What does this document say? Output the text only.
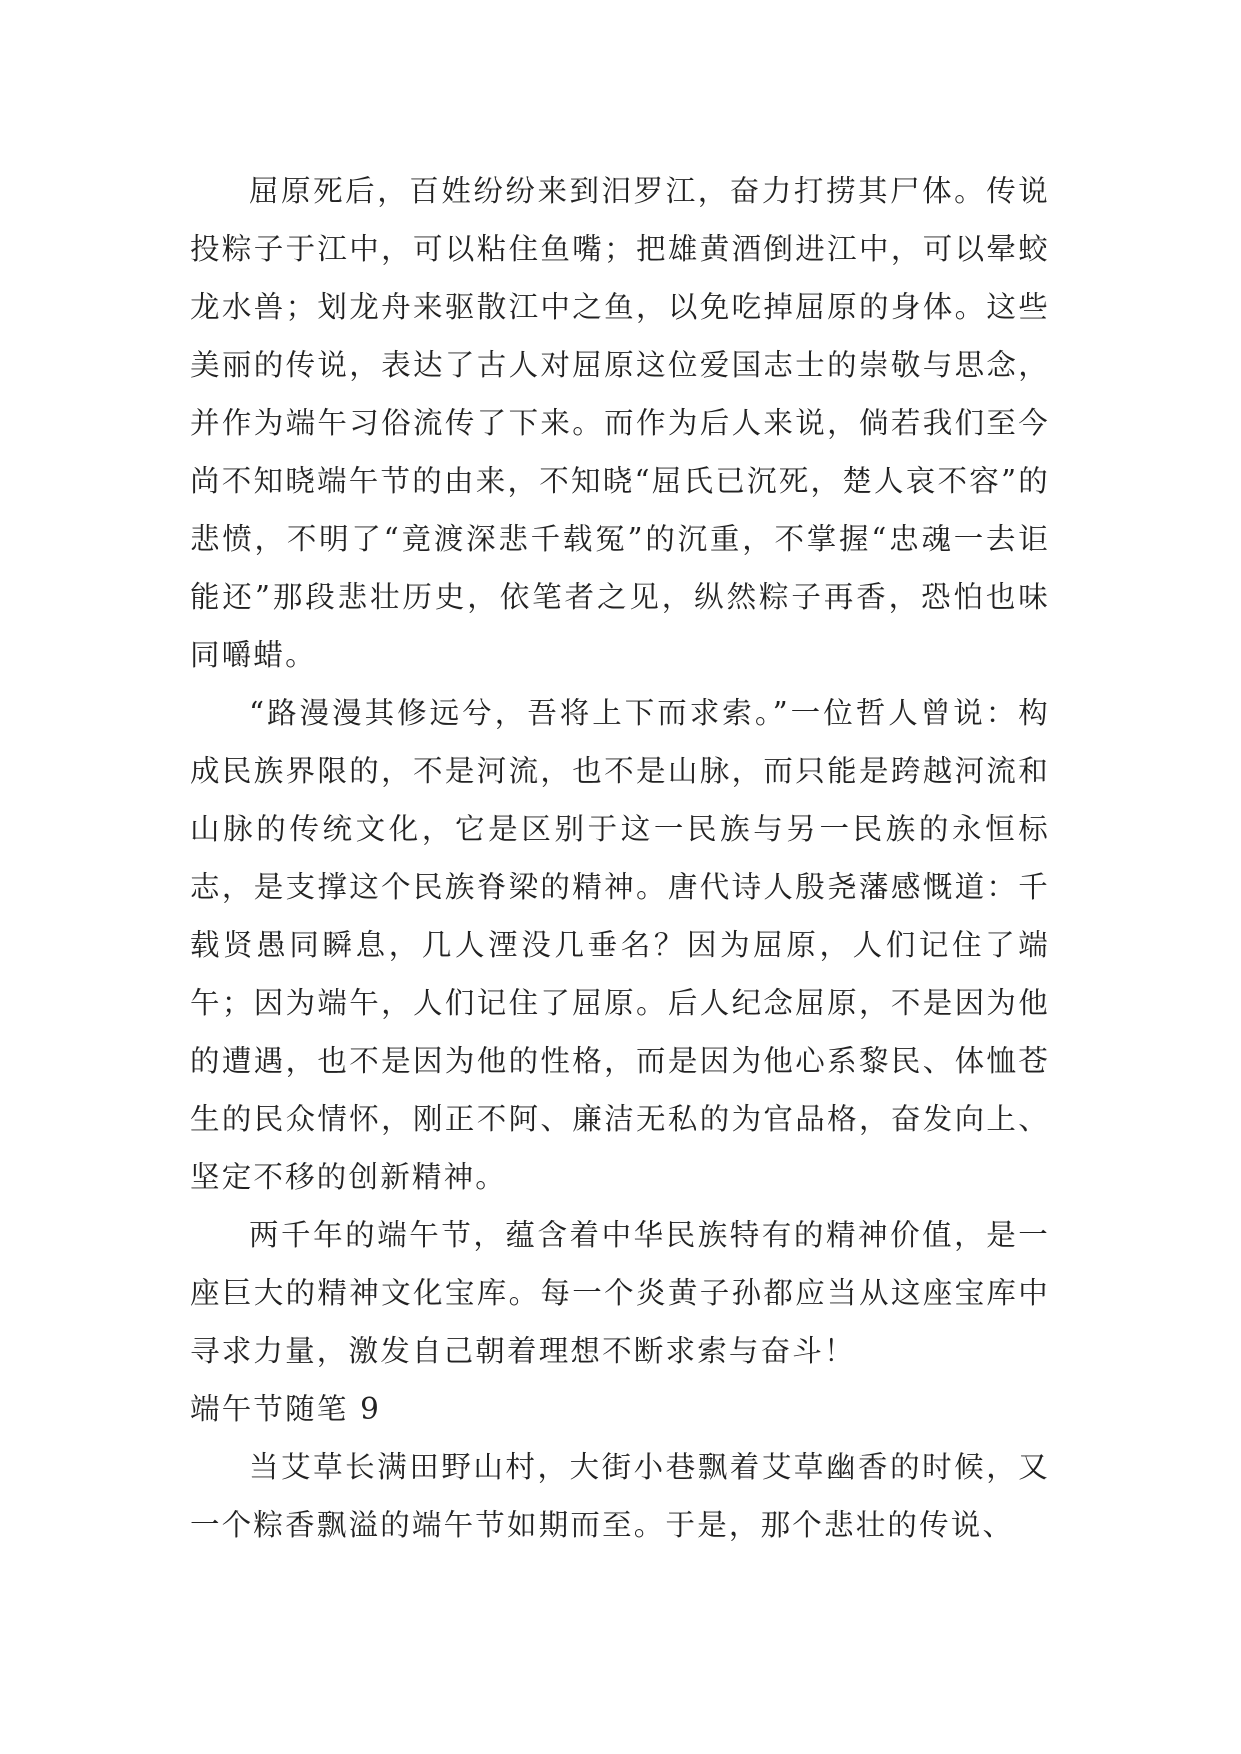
屈原死后，百姓纷纷来到汨罗江，奋力打捞其尸体。传说投粽子于江中，可以粘住鱼嘴；把雄黄酒倒进江中，可以晕蛟龙水兽；划龙舟来驱散江中之鱼，以免吃掉屈原的身体。这些美丽的传说，表达了古人对屈原这位爱国志士的崇敬与思念，并作为端午习俗流传了下来。而作为后人来说，倘若我们至今尚不知晓端午节的由来，不知晓“屈氏已沉死，楚人哀不容”的悲愤，不明了“竟渡深悲千载冤”的沉重，不掌握“忠魂一去讵能还”那段悲壮历史，依笔者之见，纵然粽子再香，恐怕也味同嚼蜡。

“路漫漫其修远兮，吾将上下而求索。”一位哲人曾说：构成民族界限的，不是河流，也不是山脉，而只能是跨越河流和山脉的传统文化，它是区别于这一民族与另一民族的永恒标志，是支撑这个民族脊梁的精神。唐代诗人殷尧藩感慨道：千载贤愚同瞬息，几人湮没几垂名？因为屈原，人们记住了端午；因为端午，人们记住了屈原。后人纪念屈原，不是因为他的遭遇，也不是因为他的性格，而是因为他心系黎民、体恤苍生的民众情怀，刚正不阿、廉洁无私的为官品格，奋发向上、坚定不移的创新精神。

两千年的端午节，蕴含着中华民族特有的精神价值，是一座巨大的精神文化宝库。每一个炎黄子孙都应当从这座宝库中寻求力量，激发自己朝着理想不断求索与奋斗！

端午节随笔 9

当艾草长满田野山村，大街小巷飘着艾草幽香的时候，又一个粽香飘溢的端午节如期而至。于是，那个悲壮的传说、
